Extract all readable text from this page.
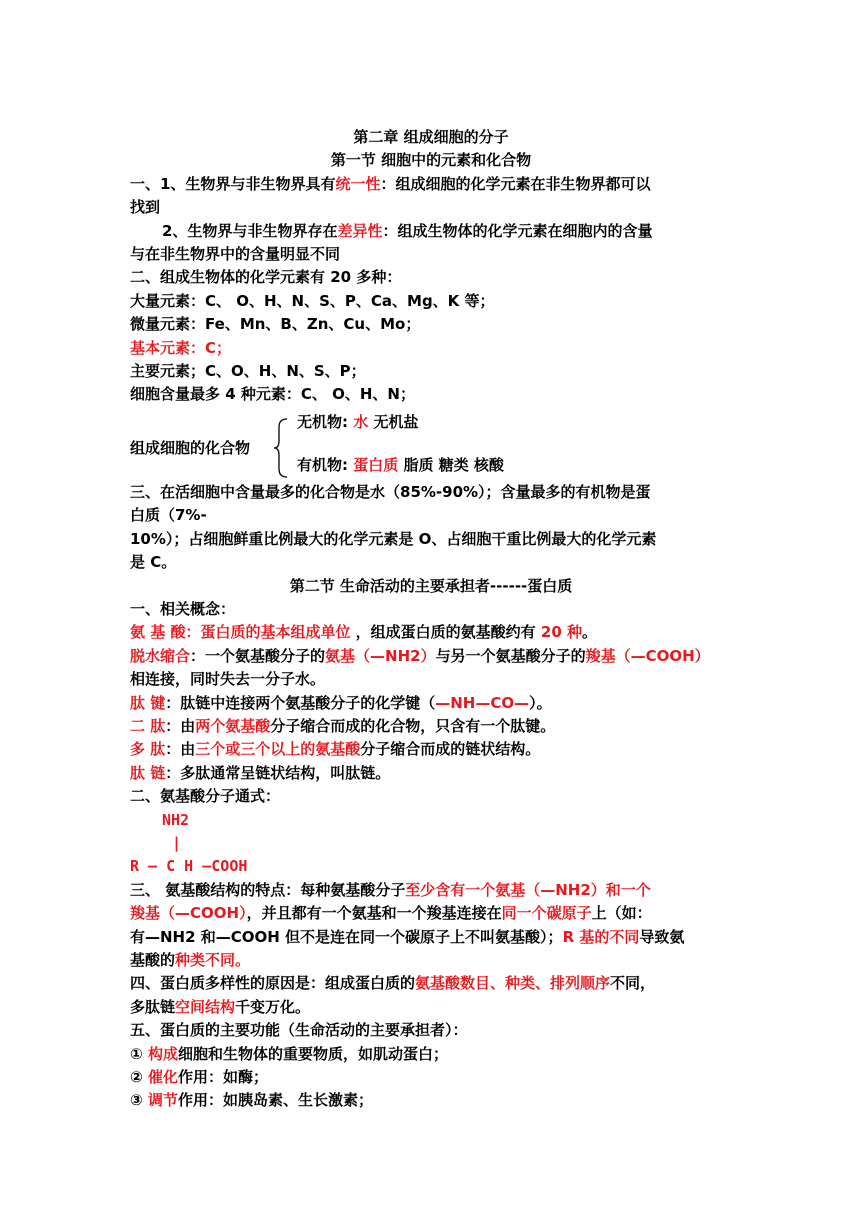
第二章 组成细胞的分子
第一节 细胞中的元素和化合物
一、1、生物界与非生物界具有统一性：组成细胞的化学元素在非生物界都可以
找到
2、生物界与非生物界存在差异性：组成生物体的化学元素在细胞内的含量
与在非生物界中的含量明显不同
二、组成生物体的化学元素有 20 多种：
大量元素：C、 O、H、N、S、P、Ca、Mg、K 等；
微量元素：Fe、Mn、B、Zn、Cu、Mo；
基本元素：C；
主要元素；C、O、H、N、S、P；
细胞含量最多 4 种元素：C、 O、H、N；
组成细胞的化合物
无机物: 水 无机盐
有机物: 蛋白质 脂质 糖类 核酸
三、在活细胞中含量最多的化合物是水（85%-90%）；含量最多的有机物是蛋
白质（7%-
10%）；占细胞鲜重比例最大的化学元素是 O、占细胞干重比例最大的化学元素
是 C。
第二节 生命活动的主要承担者------蛋白质
一、相关概念：
氨 基 酸：蛋白质的基本组成单位 ，组成蛋白质的氨基酸约有 20 种。
脱水缩合：一个氨基酸分子的氨基（—NH2）与另一个氨基酸分子的羧基（—COOH）
相连接，同时失去一分子水。
肽 键：肽链中连接两个氨基酸分子的化学键（—NH—CO—）。
二 肽：由两个氨基酸分子缩合而成的化合物，只含有一个肽键。
多 肽：由三个或三个以上的氨基酸分子缩合而成的链状结构。
肽 链：多肽通常呈链状结构，叫肽链。
二、氨基酸分子通式：
NH2
|
R — C H —COOH
三、 氨基酸结构的特点：每种氨基酸分子至少含有一个氨基（—NH2）和一个
羧基（—COOH），并且都有一个氨基和一个羧基连接在同一个碳原子上（如：
有—NH2 和—COOH 但不是连在同一个碳原子上不叫氨基酸）；R 基的不同导致氨
基酸的种类不同。
四、蛋白质多样性的原因是：组成蛋白质的氨基酸数目、种类、排列顺序不同，
多肽链空间结构千变万化。
五、蛋白质的主要功能（生命活动的主要承担者）：
① 构成细胞和生物体的重要物质，如肌动蛋白；
② 催化作用：如酶；
③ 调节作用：如胰岛素、生长激素；
